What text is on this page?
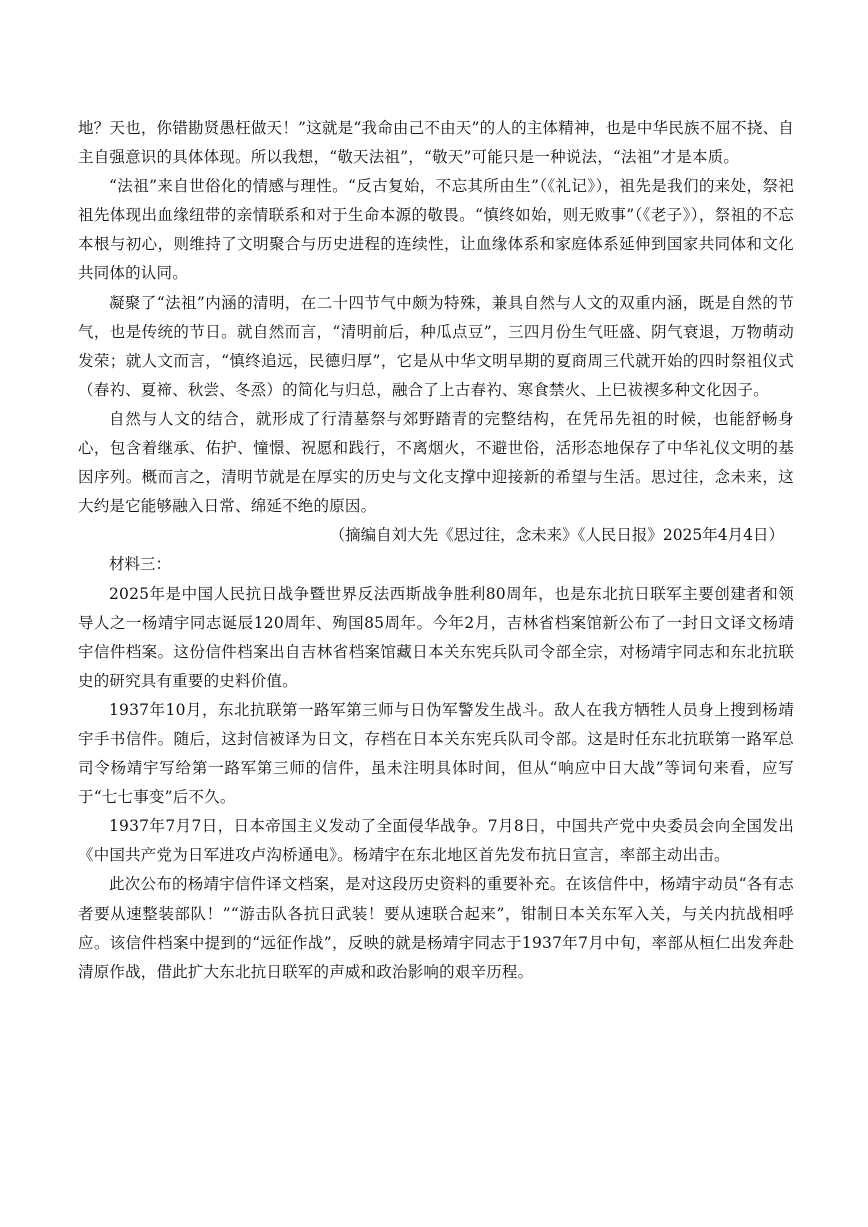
地？天也，你错勘贤愚枉做天！”这就是“我命由己不由天”的人的主体精神，也是中华民族不屈不挠、自主自强意识的具体体现。所以我想，“敬天法祖”，“敬天”可能只是一种说法，“法祖”才是本质。

“法祖”来自世俗化的情感与理性。“反古复始，不忘其所由生”（《礼记》），祖先是我们的来处，祭祀祖先体现出血缘纽带的亲情联系和对于生命本源的敬畏。“慎终如始，则无败事”（《老子》），祭祖的不忘本根与初心，则维持了文明聚合与历史进程的连续性，让血缘体系和家庭体系延伸到国家共同体和文化共同体的认同。

凝聚了“法祖”内涵的清明，在二十四节气中颇为特殊，兼具自然与人文的双重内涵，既是自然的节气，也是传统的节日。就自然而言，“清明前后，种瓜点豆”，三四月份生气旺盛、阴气衰退，万物萌动发荣；就人文而言，“慎终追远，民德归厚”，它是从中华文明早期的夏商周三代就开始的四时祭祖仪式（春礿、夏禘、秋尝、冬烝）的简化与归总，融合了上古春礿、寒食禁火、上巳祓禊多种文化因子。

自然与人文的结合，就形成了行清墓祭与郊野踏青的完整结构，在凭吊先祖的时候，也能舒畅身心，包含着继承、佑护、憧憬、祝愿和践行，不离烟火，不避世俗，活形态地保存了中华礼仪文明的基因序列。概而言之，清明节就是在厚实的历史与文化支撑中迎接新的希望与生活。思过往，念未来，这大约是它能够融入日常、绵延不绝的原因。

（摘编自刘大先《思过往，念未来》《人民日报》2025年4月4日）

材料三：

2025年是中国人民抗日战争暨世界反法西斯战争胜利80周年，也是东北抗日联军主要创建者和领导人之一杨靖宇同志诞辰120周年、殉国85周年。今年2月，吉林省档案馆新公布了一封日文译文杨靖宇信件档案。这份信件档案出自吉林省档案馆藏日本关东宪兵队司令部全宗，对杨靖宇同志和东北抗联史的研究具有重要的史料价值。

1937年10月，东北抗联第一路军第三师与日伪军警发生战斗。敌人在我方牺牲人员身上搜到杨靖宇手书信件。随后，这封信被译为日文，存档在日本关东宪兵队司令部。这是时任东北抗联第一路军总司令杨靖宇写给第一路军第三师的信件，虽未注明具体时间，但从“响应中日大战”等词句来看，应写于“七七事变”后不久。

1937年7月7日，日本帝国主义发动了全面侵华战争。7月8日，中国共产党中央委员会向全国发出《中国共产党为日军进攻卢沟桥通电》。杨靖宇在东北地区首先发布抗日宣言，率部主动出击。

此次公布的杨靖宇信件译文档案，是对这段历史资料的重要补充。在该信件中，杨靖宇动员“各有志者要从速整装部队！”“游击队各抗日武装！要从速联合起来”，钳制日本关东军入关，与关内抗战相呼应。该信件档案中提到的“远征作战”，反映的就是杨靖宇同志于1937年7月中旬，率部从桓仁出发奔赴清原作战，借此扩大东北抗日联军的声威和政治影响的艰辛历程。
